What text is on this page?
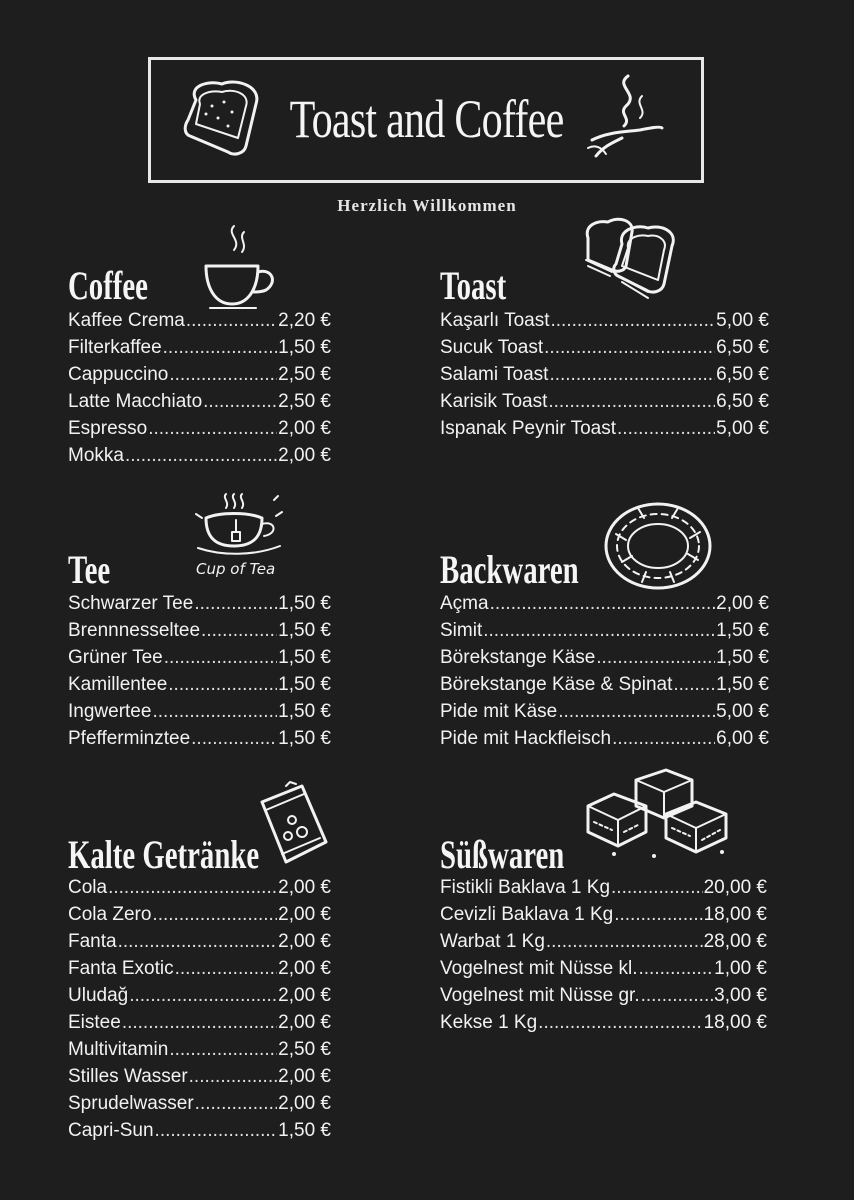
Toast and Coffee
Herzlich Willkommen
Coffee
Kaffee Crema .....	2,20 €
Filterkaffee .....	1,50 €
Cappuccino .....	2,50 €
Latte Macchiato .....	2,50 €
Espresso .....	2,00 €
Mokka .....	2,00 €
Toast
Kaşarlı Toast .....	5,00 €
Sucuk Toast .....	6,50 €
Salami Toast .....	6,50 €
Karisik Toast .....	6,50 €
Ispanak Peynir Toast .....	5,00 €
Tee	Cup of Tea
Schwarzer Tee .....	1,50 €
Brennnesseltee .....	1,50 €
Grüner Tee .....	1,50 €
Kamillentee .....	1,50 €
Ingwertee .....	1,50 €
Pfefferminztee .....	1,50 €
Backwaren
Açma .....	2,00 €
Simit .....	1,50 €
Börekstange Käse .....	1,50 €
Börekstange Käse & Spinat ..... 1,50 €
Pide mit Käse .....	5,00 €
Pide mit Hackfleisch .....	6,00 €
Kalte Getränke
Cola .....	2,00 €
Cola Zero .....	2,00 €
Fanta .....	2,00 €
Fanta Exotic .....	2,00 €
Uludağ .....	2,00 €
Eistee .....	2,00 €
Multivitamin .....	2,50 €
Stilles Wasser .....	2,00 €
Sprudelwasser .....	2,00 €
Capri-Sun .....	1,50 €
Süßwaren
Fistikli Baklava 1 Kg .....	20,00 €
Cevizli Baklava 1 Kg .....	18,00 €
Warbat 1 Kg .....	28,00 €
Vogelnest mit Nüsse kl. .....	1,00 €
Vogelnest mit Nüsse gr. .....	3,00 €
Kekse 1 Kg .....	18,00 €
